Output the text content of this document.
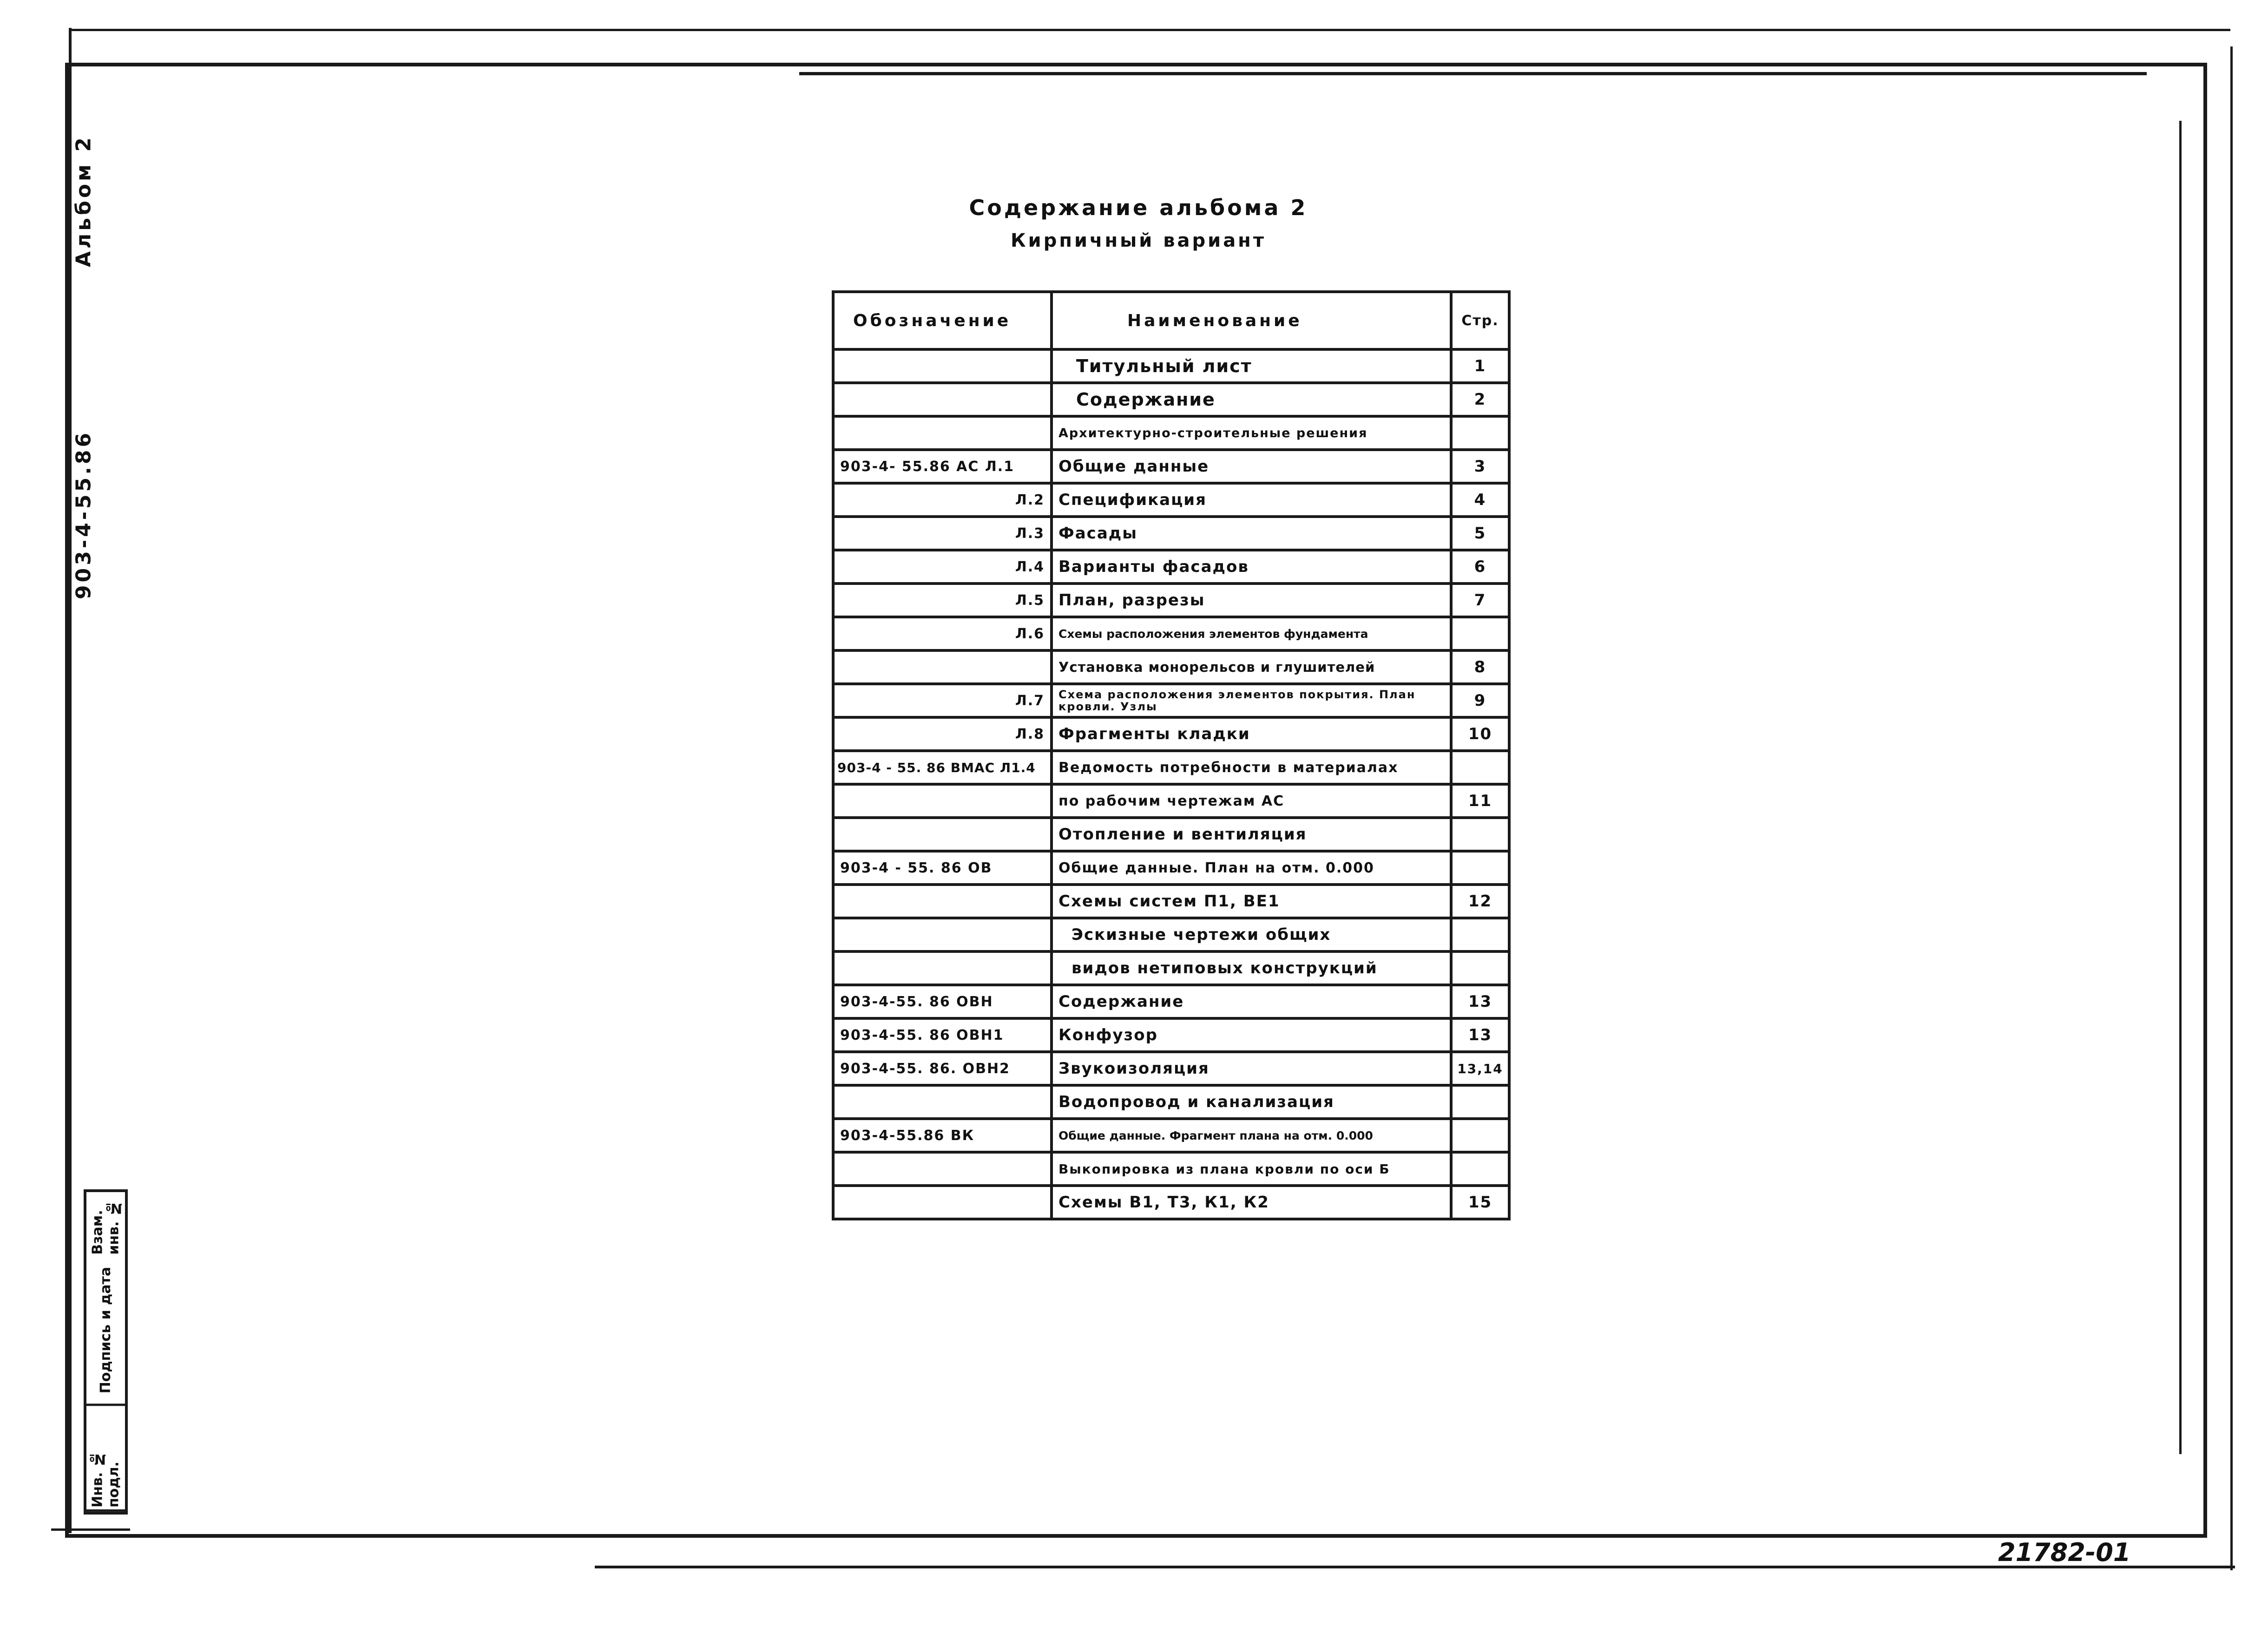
903-4-55.86
Альбом 2
Инв. № подл.
Подпись и дата
Взам. инв. №
Содержание альбома 2
Кирпичный вариант
Обозначение	Наименование	Стр.
	Титульный лист	1
	Содержание	2
	Архитектурно-строительные решения	
903-4- 55.86 АС Л.1	Общие данные	3
Л.2	Спецификация	4
Л.3	Фасады	5
Л.4	Варианты фасадов	6
Л.5	План, разрезы	7
Л.6	Схемы расположения элементов фундамента	
	Установка монорельсов и глушителей	8
Л.7	Схема расположения элементов покрытия. План кровли. Узлы	9
Л.8	Фрагменты кладки	10
903-4 - 55. 86 ВМАС Л1.4	Ведомость потребности в материалах	
	по рабочим чертежам АС	11
	Отопление и вентиляция	
903-4 - 55. 86 ОВ	Общие данные. План на отм. 0.000	
	Схемы систем П1, ВЕ1	12
	Эскизные чертежи общих	
	видов нетиповых конструкций	
903-4-55. 86 ОВН	Содержание	13
903-4-55. 86 ОВН1	Конфузор	13
903-4-55. 86. ОВН2	Звукоизоляция	13,14
	Водопровод и канализация	
903-4-55.86 ВК	Общие данные. Фрагмент плана на отм. 0.000	
	Выкопировка из плана кровли по оси Б	
	Схемы В1, Т3, К1, К2	15
21782-01
